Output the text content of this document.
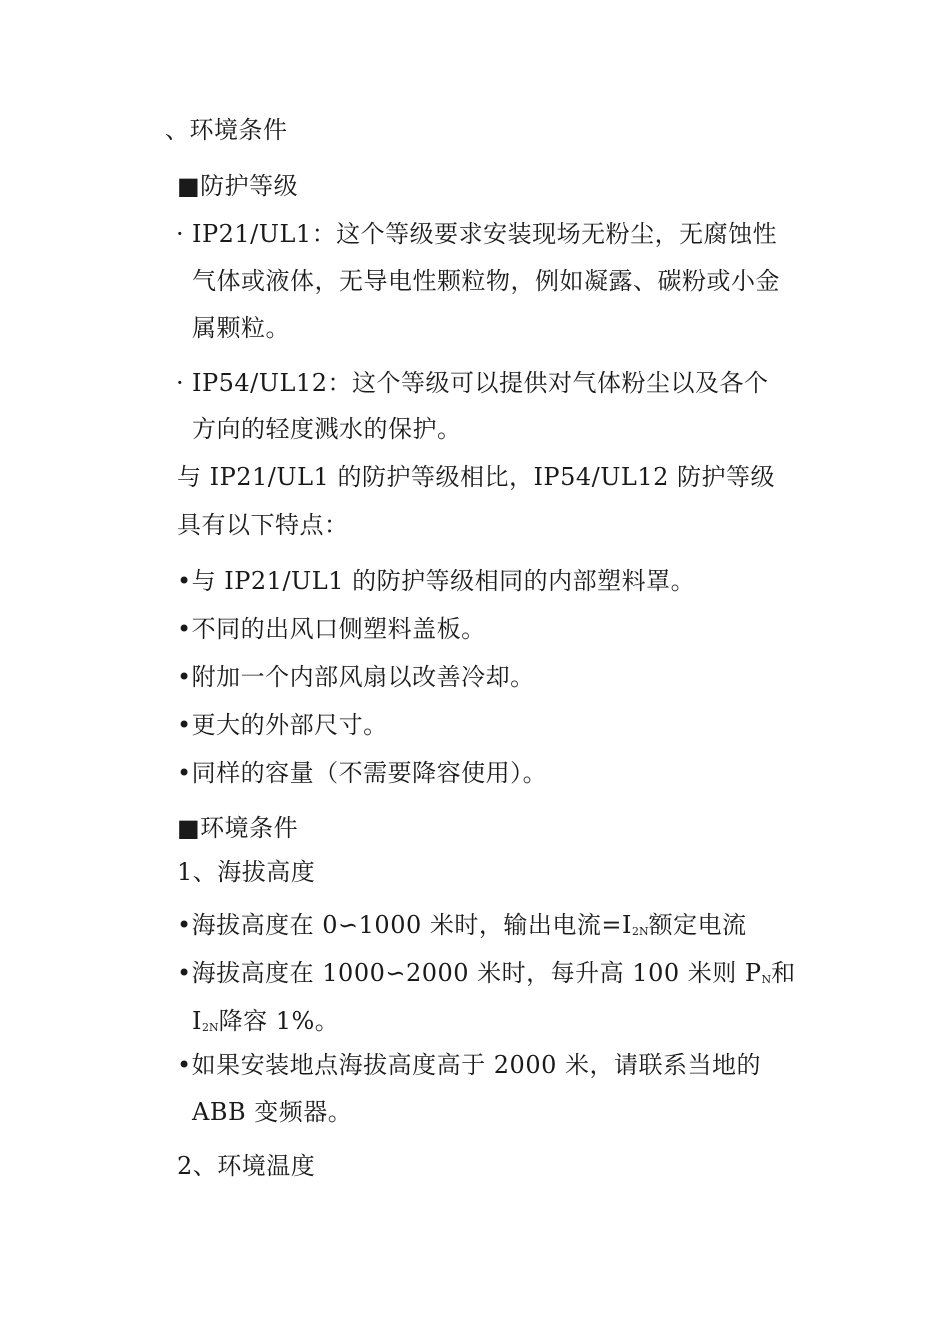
、环境条件
■防护等级
· IP21/UL1：这个等级要求安装现场无粉尘，无腐蚀性
气体或液体，无导电性颗粒物，例如凝露、碳粉或小金
属颗粒。
· IP54/UL12：这个等级可以提供对气体粉尘以及各个
方向的轻度溅水的保护。
与 IP21/UL1 的防护等级相比，IP54/UL12 防护等级
具有以下特点：
•与 IP21/UL1 的防护等级相同的内部塑料罩。
•不同的出风口侧塑料盖板。
•附加一个内部风扇以改善冷却。
•更大的外部尺寸。
•同样的容量（不需要降容使用）。
■环境条件
1、海拔高度
•海拔高度在 0∽1000 米时，输出电流$=I_{2N}$额定电流
•海拔高度在 1000∽2000 米时，每升高 100 米则 $P_N$和
$I_{2N}$降容 1%。
•如果安装地点海拔高度高于 2000 米，请联系当地的
ABB 变频器。
2、环境温度
